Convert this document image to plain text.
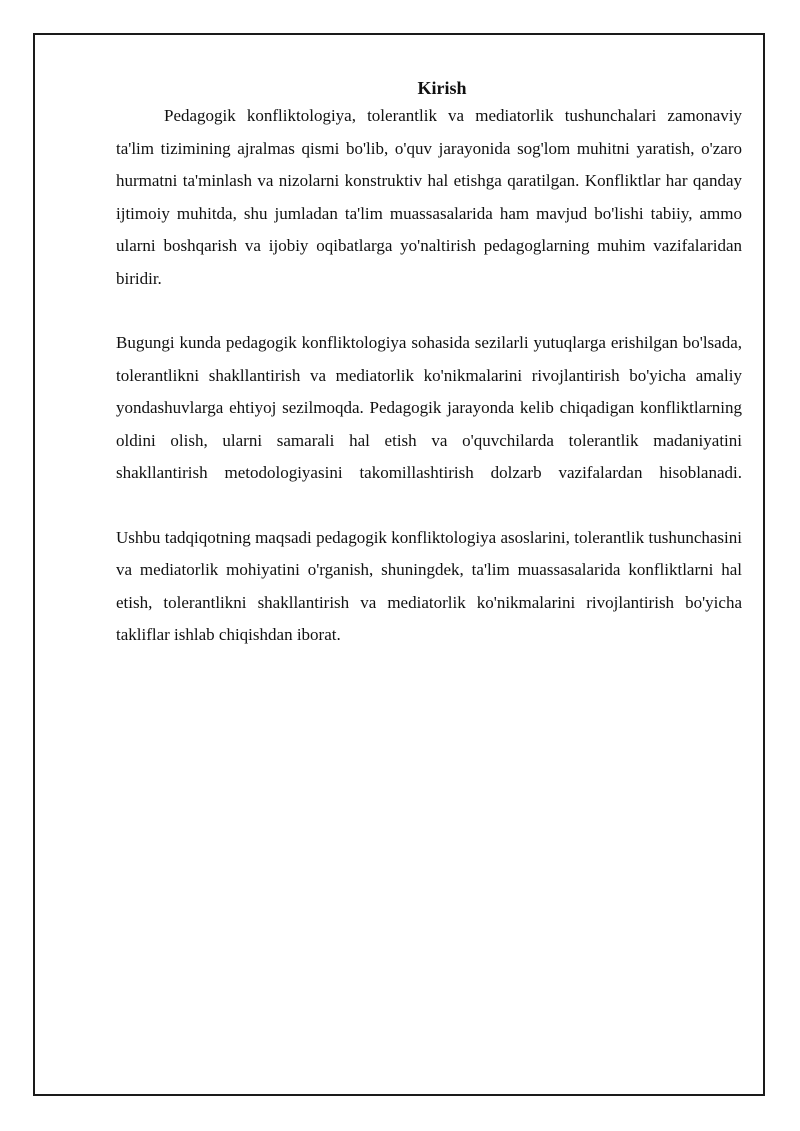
Kirish

Pedagogik konfliktologiya, tolerantlik va mediatorlik tushunchalari zamonaviy ta'lim tizimining ajralmas qismi bo'lib, o'quv jarayonida sog'lom muhitni yaratish, o'zaro hurmatni ta'minlash va nizolarni konstruktiv hal etishga qaratilgan. Konfliktlar har qanday ijtimoiy muhitda, shu jumladan ta'lim muassasalarida ham mavjud bo'lishi tabiiy, ammo ularni boshqarish va ijobiy oqibatlarga yo'naltirish pedagoglarning muhim vazifalaridan biridir.

Bugungi kunda pedagogik konfliktologiya sohasida sezilarli yutuqlarga erishilgan bo'lsada, tolerantlikni shakllantirish va mediatorlik ko'nikmalarini rivojlantirish bo'yicha amaliy yondashuvlarga ehtiyoj sezilmoqda. Pedagogik jarayonda kelib chiqadigan konfliktlarning oldini olish, ularni samarali hal etish va o'quvchilarda tolerantlik madaniyatini shakllantirish metodologiyasini takomillashtirish dolzarb vazifalardan hisoblanadi.

Ushbu tadqiqotning maqsadi pedagogik konfliktologiya asoslarini, tolerantlik tushunchasini va mediatorlik mohiyatini o'rganish, shuningdek, ta'lim muassasalarida konfliktlarni hal etish, tolerantlikni shakllantirish va mediatorlik ko'nikmalarini rivojlantirish bo'yicha takliflar ishlab chiqishdan iborat.
